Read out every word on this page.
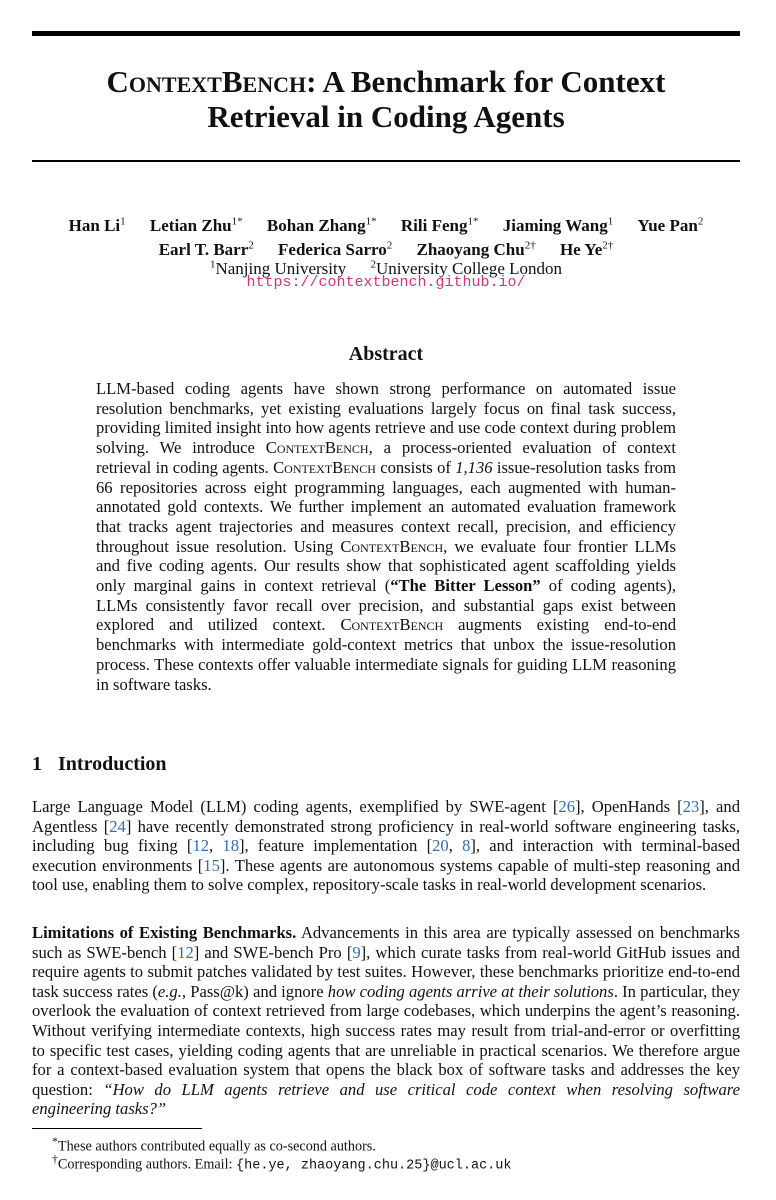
ContextBench: A Benchmark for Context
Retrieval in Coding Agents
Han Li$^1$ Letian Zhu$^{1*}$ Bohan Zhang$^{1*}$ Rili Feng$^{1*}$ Jiaming Wang$^1$ Yue Pan$^2$
Earl T. Barr$^2$ Federica Sarro$^2$ Zhaoyang Chu$^{2\dagger}$ He $Ye^{2\dagger}$
$^1$Nanjing University $^2$University College London
https://contextbench.github.io/
Abstract
LLM-based coding agents have shown strong performance on automated issue resolution benchmarks, yet existing evaluations largely focus on final task success, providing limited insight into how agents retrieve and use code context during problem solving. We introduce ContextBench, a process-oriented evaluation of context retrieval in coding agents. ContextBench consists of 1,136 issue-resolution tasks from 66 repositories across eight programming languages, each augmented with human-annotated gold contexts. We further implement an automated evaluation framework that tracks agent trajectories and measures context recall, precision, and efficiency throughout issue resolution. Using ContextBench, we evaluate four frontier LLMs and five coding agents. Our results show that sophisticated agent scaffolding yields only marginal gains in context retrieval (“The Bitter Lesson” of coding agents), LLMs consistently favor recall over precision, and substantial gaps exist between explored and utilized context. ContextBench augments existing end-to-end benchmarks with intermediate gold-context metrics that unbox the issue-resolution process. These contexts offer valuable intermediate signals for guiding LLM reasoning in software tasks.
1 Introduction
Large Language Model (LLM) coding agents, exemplified by SWE-agent [26], OpenHands [23], and Agentless [24] have recently demonstrated strong proficiency in real-world software engineering tasks, including bug fixing [12, 18], feature implementation [20, 8], and interaction with terminal-based execution environments [15]. These agents are autonomous systems capable of multi-step reasoning and tool use, enabling them to solve complex, repository-scale tasks in real-world development scenarios.
Limitations of Existing Benchmarks. Advancements in this area are typically assessed on benchmarks such as SWE-bench [12] and SWE-bench Pro [9], which curate tasks from real-world GitHub issues and require agents to submit patches validated by test suites. However, these benchmarks prioritize end-to-end task success rates (e.g., Pass@k) and ignore how coding agents arrive at their solutions. In particular, they overlook the evaluation of context retrieved from large codebases, which underpins the agent’s reasoning. Without verifying intermediate contexts, high success rates may result from trial-and-error or overfitting to specific test cases, yielding coding agents that are unreliable in practical scenarios. We therefore argue for a context-based evaluation system that opens the black box of software tasks and addresses the key question: “How do LLM agents retrieve and use critical code context when resolving software engineering tasks?”
*These authors contributed equally as co-second authors.
†Corresponding authors. Email: {he.ye, zhaoyang.chu.25}@ucl.ac.uk
